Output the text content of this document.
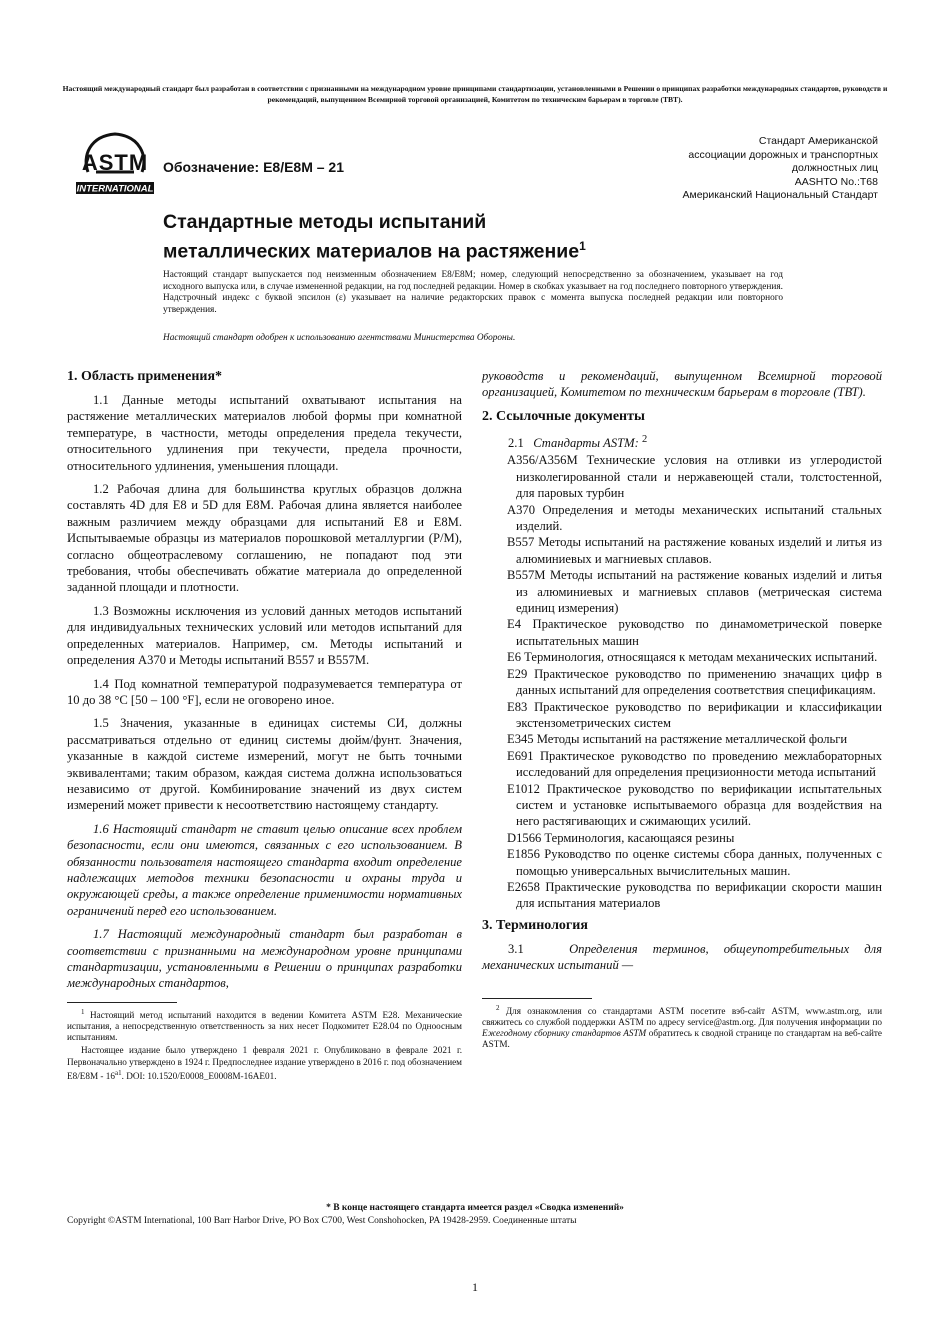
Настоящий международный стандарт был разработан в соответствии с признанными на международном уровне принципами стандартизации, установленными в Решении о принципах разработки международных стандартов, руководств и рекомендаций, выпущенном Всемирной торговой организацией, Комитетом по техническим барьерам в торговле (ТВТ).
ASTM
INTERNATIONAL
Обозначение: E8/E8M – 21
Стандарт Американской
ассоциации дорожных и транспортных
должностных лиц
AASHTO No.:T68
Американский Национальный Стандарт
Стандартные методы испытаний
металлических материалов на растяжение$^1$
Настоящий стандарт выпускается под неизменным обозначением E8/E8M; номер, следующий непосредственно за обозначением, указывает на год исходного выпуска или, в случае измененной редакции, на год последней редакции. Номер в скобках указывает на год последнего повторного утверждения. Надстрочный индекс с буквой эпсилон (ε) указывает на наличие редакторских правок с момента выпуска последней редакции или повторного утверждения.
Настоящий стандарт одобрен к использованию агентствами Министерства Обороны.
1. Область применения*

1.1 Данные методы испытаний охватывают испытания на растяжение металлических материалов любой формы при комнатной температуре, в частности, методы определения предела текучести, относительного удлинения при текучести, предела прочности, относительного удлинения, уменьшения площади.

1.2 Рабочая длина для большинства круглых образцов должна составлять 4D для E8 и 5D для E8M. Рабочая длина является наиболее важным различием между образцами для испытаний E8 и E8M. Испытываемые образцы из материалов порошковой металлургии (P/M), согласно общеотраслевому соглашению, не попадают под эти требования, чтобы обеспечивать обжатие материала до определенной заданной площади и плотности.

1.3 Возможны исключения из условий данных методов испытаний для индивидуальных технических условий или методов испытаний для определенных материалов. Например, см. Методы испытаний и определения A370 и Методы испытаний B557 и B557M.

1.4 Под комнатной температурой подразумевается температура от 10 до 38 °C [50 – 100 °F], если не оговорено иное.

1.5 Значения, указанные в единицах системы СИ, должны рассматриваться отдельно от единиц системы дюйм/фунт. Значения, указанные в каждой системе измерений, могут не быть точными эквивалентами; таким образом, каждая система должна использоваться независимо от другой. Комбинирование значений из двух систем измерений может привести к несоответствию настоящему стандарту.

1.6 Настоящий стандарт не ставит целью описание всех проблем безопасности, если они имеются, связанных с его использованием. В обязанности пользователя настоящего стандарта входит определение надлежащих методов техники безопасности и охраны труда и окружающей среды, а также определение применимости нормативных ограничений перед его использованием.

1.7 Настоящий международный стандарт был разработан в соответствии с признанными на международном уровне принципами стандартизации, установленными в Решении о принципах разработки международных стандартов,

$^1$ Настоящий метод испытаний находится в ведении Комитета ASTM E28. Механические испытания, а непосредственную ответственность за них несет Подкомитет E28.04 по Одноосным испытаниям.

Настоящее издание было утверждено 1 февраля 2021 г. Опубликовано в феврале 2021 г. Первоначально утверждено в 1924 г. Предпоследнее издание утверждено в 2016 г. под обозначением $E8/E8M - 16^{a1}$. DOI: 10.1520/E0008_E0008M-16AE01.

руководств и рекомендаций, выпущенном Всемирной торговой организацией, Комитетом по техническим барьерам в торговле (ТВТ).

2. Ссылочные документы
2.1 Стандарты ASTM: $^2$
A356/A356M Технические условия на отливки из углеродистой низколегированной стали и нержавеющей стали, толстостенной, для паровых турбин
A370 Определения и методы механических испытаний стальных изделий.
B557 Методы испытаний на растяжение кованых изделий и литья из алюминиевых и магниевых сплавов.
B557M Методы испытаний на растяжение кованых изделий и литья из алюминиевых и магниевых сплавов (метрическая система единиц измерения)
E4 Практическое руководство по динамометрической поверке испытательных машин
E6 Терминология, относящаяся к методам механических испытаний.
E29 Практическое руководство по применению значащих цифр в данных испытаний для определения соответствия спецификациям.
E83 Практическое руководство по верификации и классификации экстензометрических систем
E345 Методы испытаний на растяжение металлической фольги
E691 Практическое руководство по проведению межлабораторных исследований для определения прецизионности метода испытаний
E1012 Практическое руководство по верификации испытательных систем и установке испытываемого образца для воздействия на него растягивающих и сжимающих усилий.
D1566 Терминология, касающаяся резины
E1856 Руководство по оценке системы сбора данных, полученных с помощью универсальных вычислительных машин.
E2658 Практические руководства по верификации скорости машин для испытания материалов
3. Терминология

3.1	Определения терминов, общеупотребительных для механических испытаний —

$^2$ Для ознакомления со стандартами ASTM посетите вэб-сайт ASTM, www.astm.org, или свяжитесь со службой поддержки ASTM по адресу service@astm.org. Для получения информации по Ежегодному сборнику стандартов ASTM обратитесь к сводной странице по стандартам на веб-сайте ASTM.

* В конце настоящего стандарта имеется раздел «Сводка изменений»
Copyright ©ASTM International, 100 Barr Harbor Drive, PO Box C700, West Conshohocken, PA 19428-2959. Соединенные штаты
1
